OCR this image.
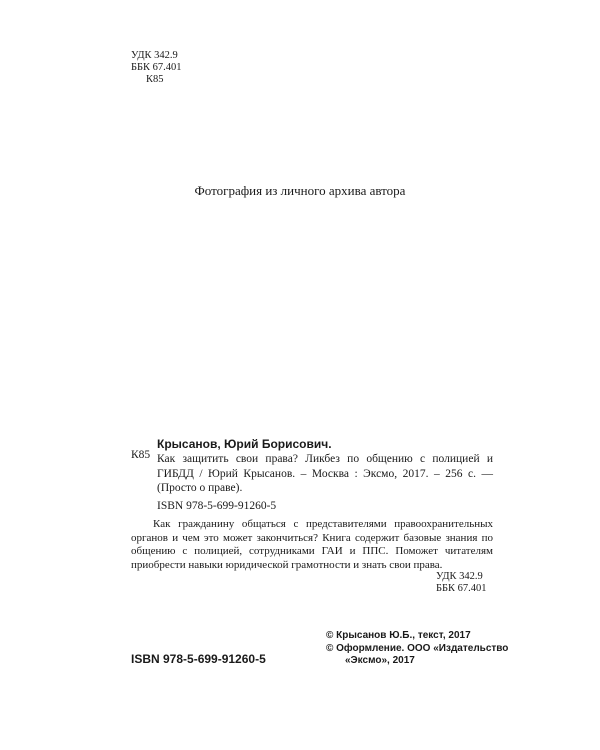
УДК 342.9
ББК 67.401
К85
Фотография из личного архива автора
К85
Крысанов, Юрий Борисович.
Как защитить свои права? Ликбез по общению с полицией и ГИБДД / Юрий Крысанов. – Москва : Эксмо, 2017. – 256 с. — (Просто о праве).
ISBN 978-5-699-91260-5

Как гражданину общаться с представителями правоохранительных органов и чем это может закончиться? Книга содержит базовые знания по общению с полицией, сотрудниками ГАИ и ППС. Поможет читателям приобрести навыки юридической грамотности и знать свои права.

УДК 342.9
ББК 67.401
ISBN 978-5-699-91260-5
© Крысанов Ю.Б., текст, 2017
© Оформление. ООО «Издательство
«Эксмо», 2017
